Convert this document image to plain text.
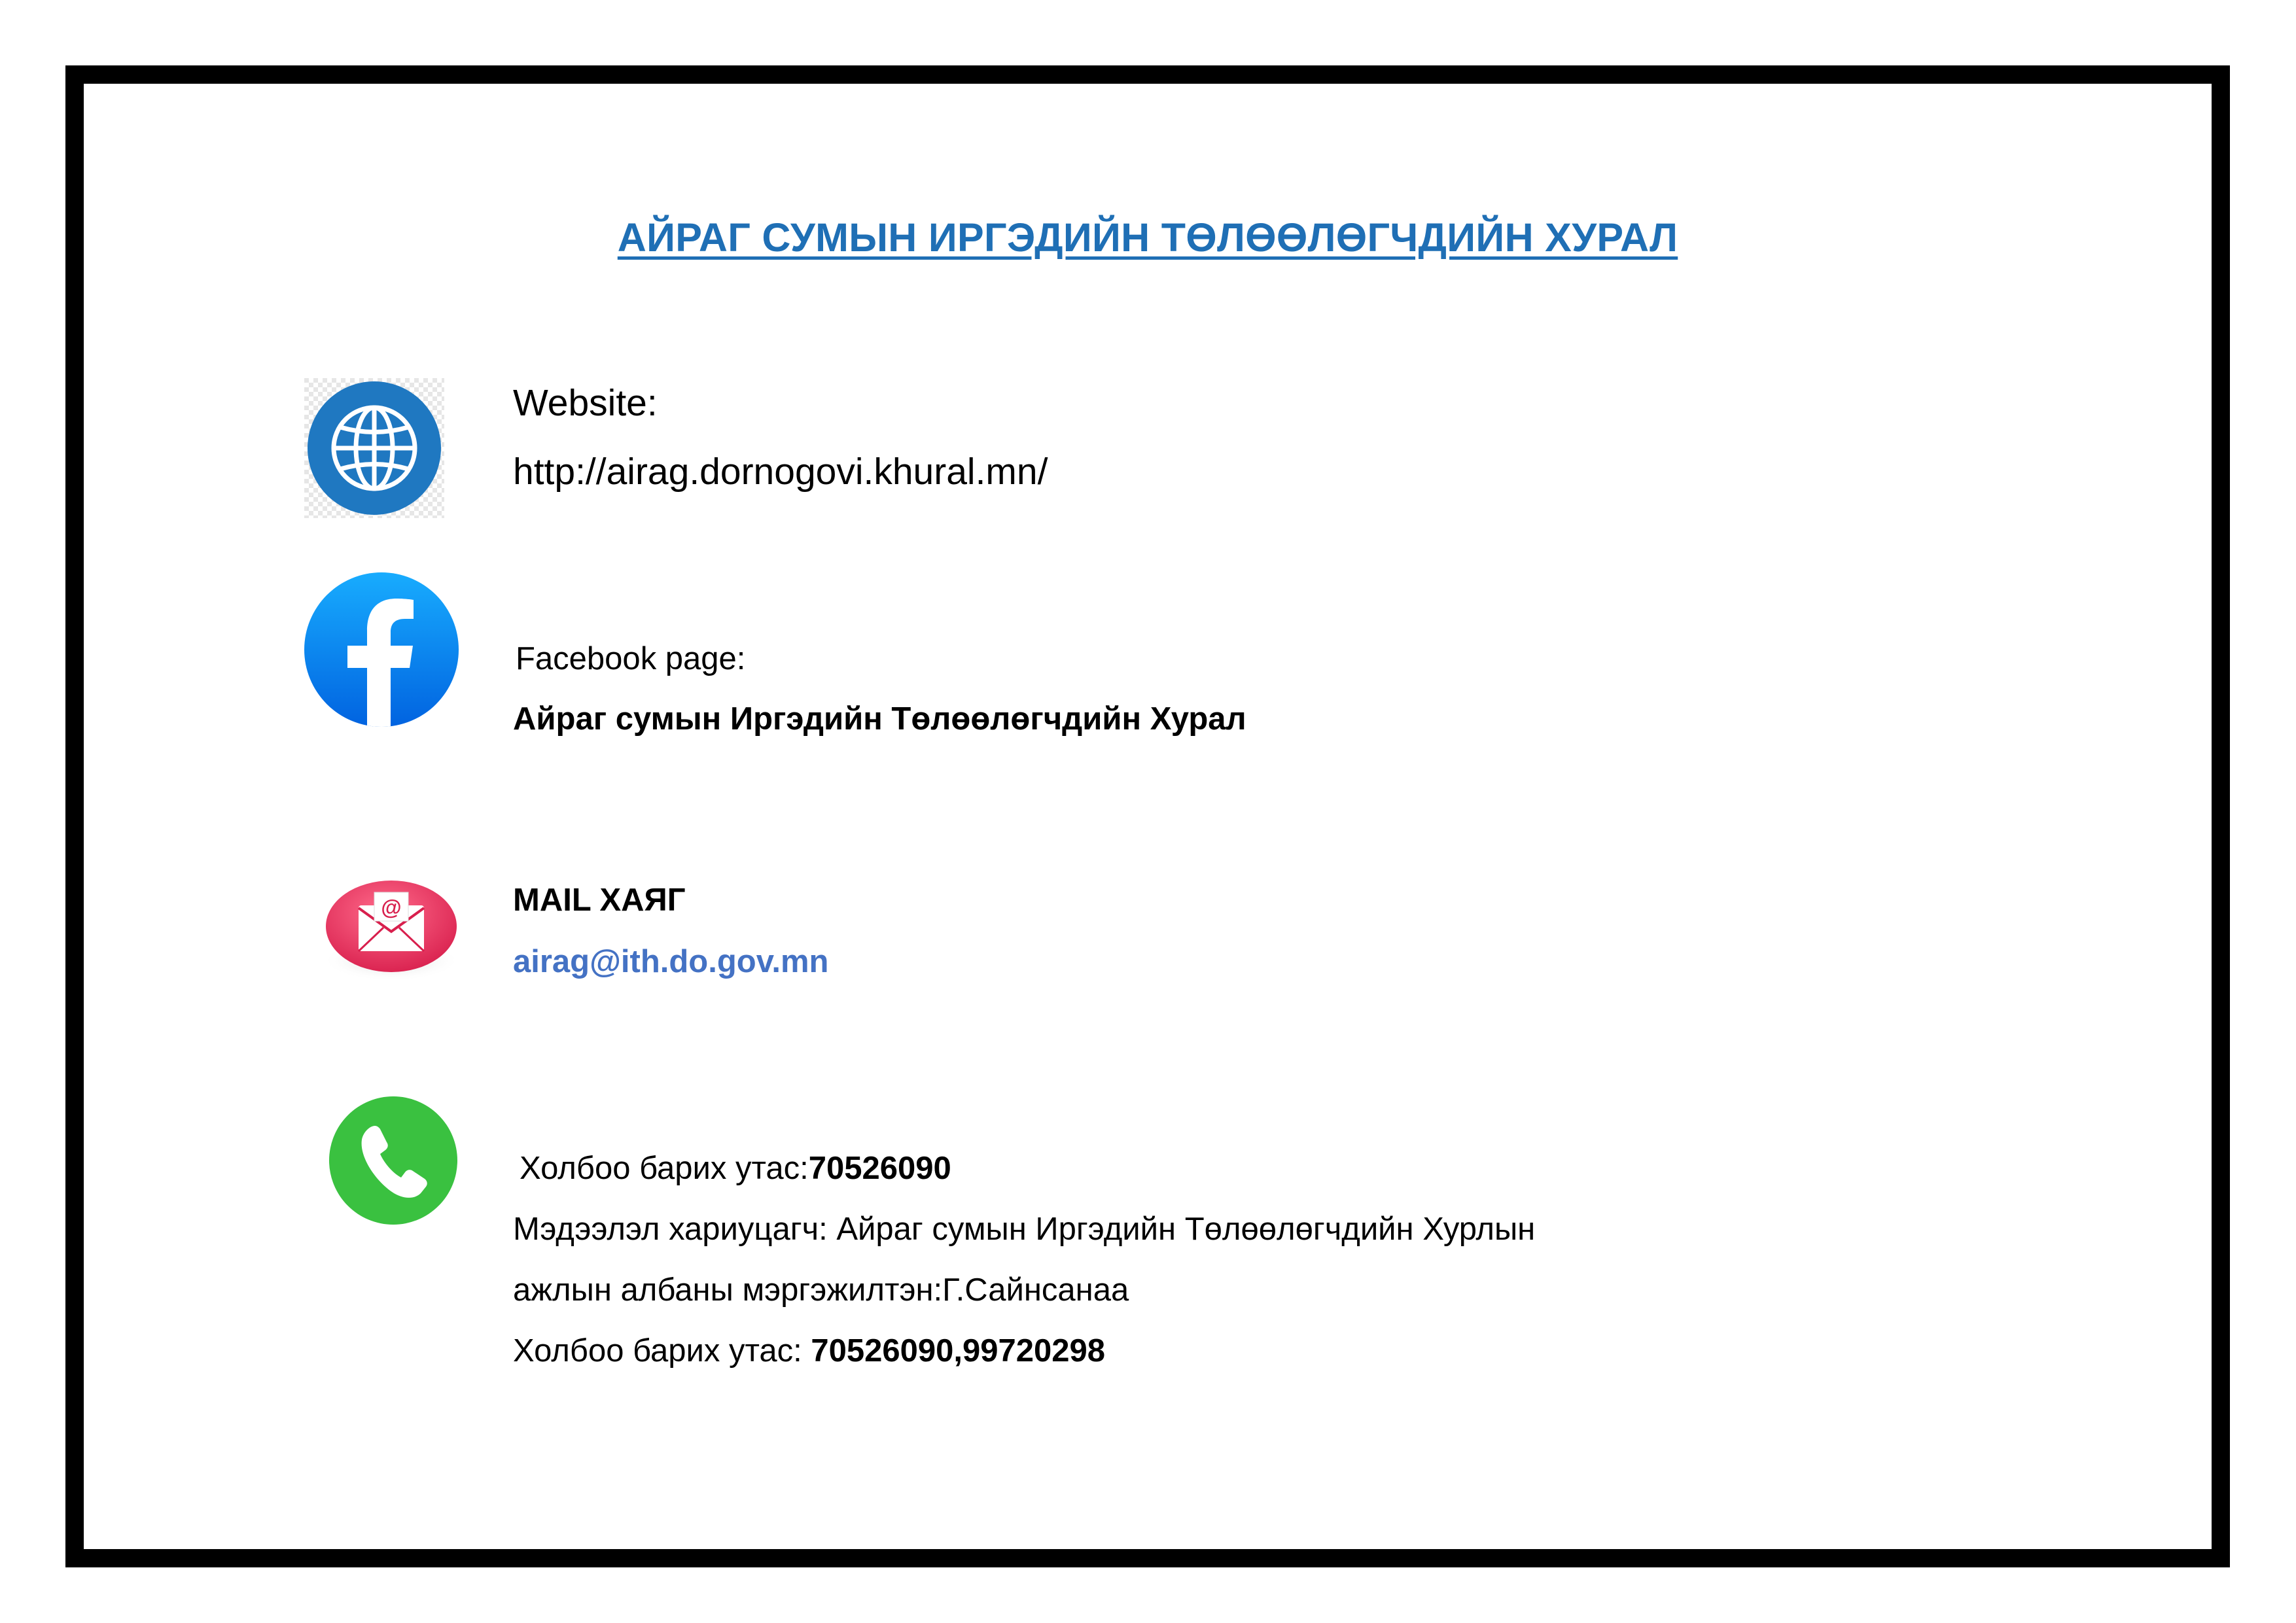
АЙРАГ СУМЫН ИРГЭДИЙН ТӨЛӨӨЛӨГЧДИЙН ХУРАЛ
Website:
http://airag.dornogovi.khural.mn/
Facebook page:
Айраг сумын Иргэдийн Төлөөлөгчдийн Хурал
@	MAIL ХАЯГ
airag@ith.do.gov.mn
Холбоо барих утас:70526090
Мэдээлэл хариуцагч: Айраг сумын Иргэдийн Төлөөлөгчдийн Хурлын
ажлын албаны мэргэжилтэн:Г.Сайнсанаа
Холбоо барих утас: 70526090,99720298
